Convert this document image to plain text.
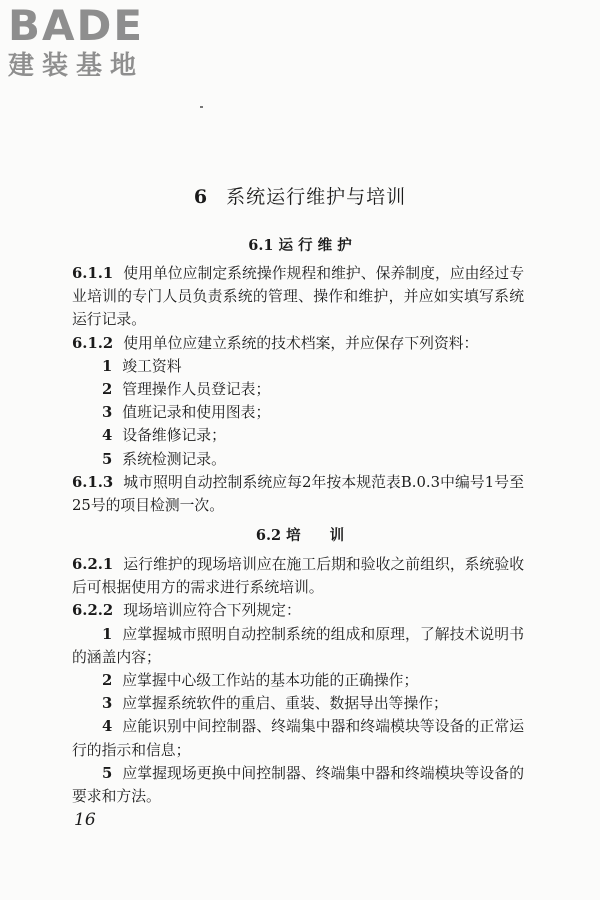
BADE
建装基地
6 系统运行维护与培训
6.1 运 行 维 护

6.1.1 使用单位应制定系统操作规程和维护、保养制度，应由经过专业培训的专门人员负责系统的管理、操作和维护，并应如实填写系统运行记录。

6.1.2 使用单位应建立系统的技术档案，并应保存下列资料：

1 竣工资料

2 管理操作人员登记表；

3 值班记录和使用图表；

4 设备维修记录；

5 系统检测记录。

6.1.3 城市照明自动控制系统应每2年按本规范表B.0.3中编号1号至25号的项目检测一次。

6.2 培　　训

6.2.1 运行维护的现场培训应在施工后期和验收之前组织，系统验收后可根据使用方的需求进行系统培训。

6.2.2 现场培训应符合下列规定：

1 应掌握城市照明自动控制系统的组成和原理，了解技术说明书的涵盖内容；

2 应掌握中心级工作站的基本功能的正确操作；

3 应掌握系统软件的重启、重装、数据导出等操作；

4 应能识别中间控制器、终端集中器和终端模块等设备的正常运行的指示和信息；

5 应掌握现场更换中间控制器、终端集中器和终端模块等设备的要求和方法。

16
